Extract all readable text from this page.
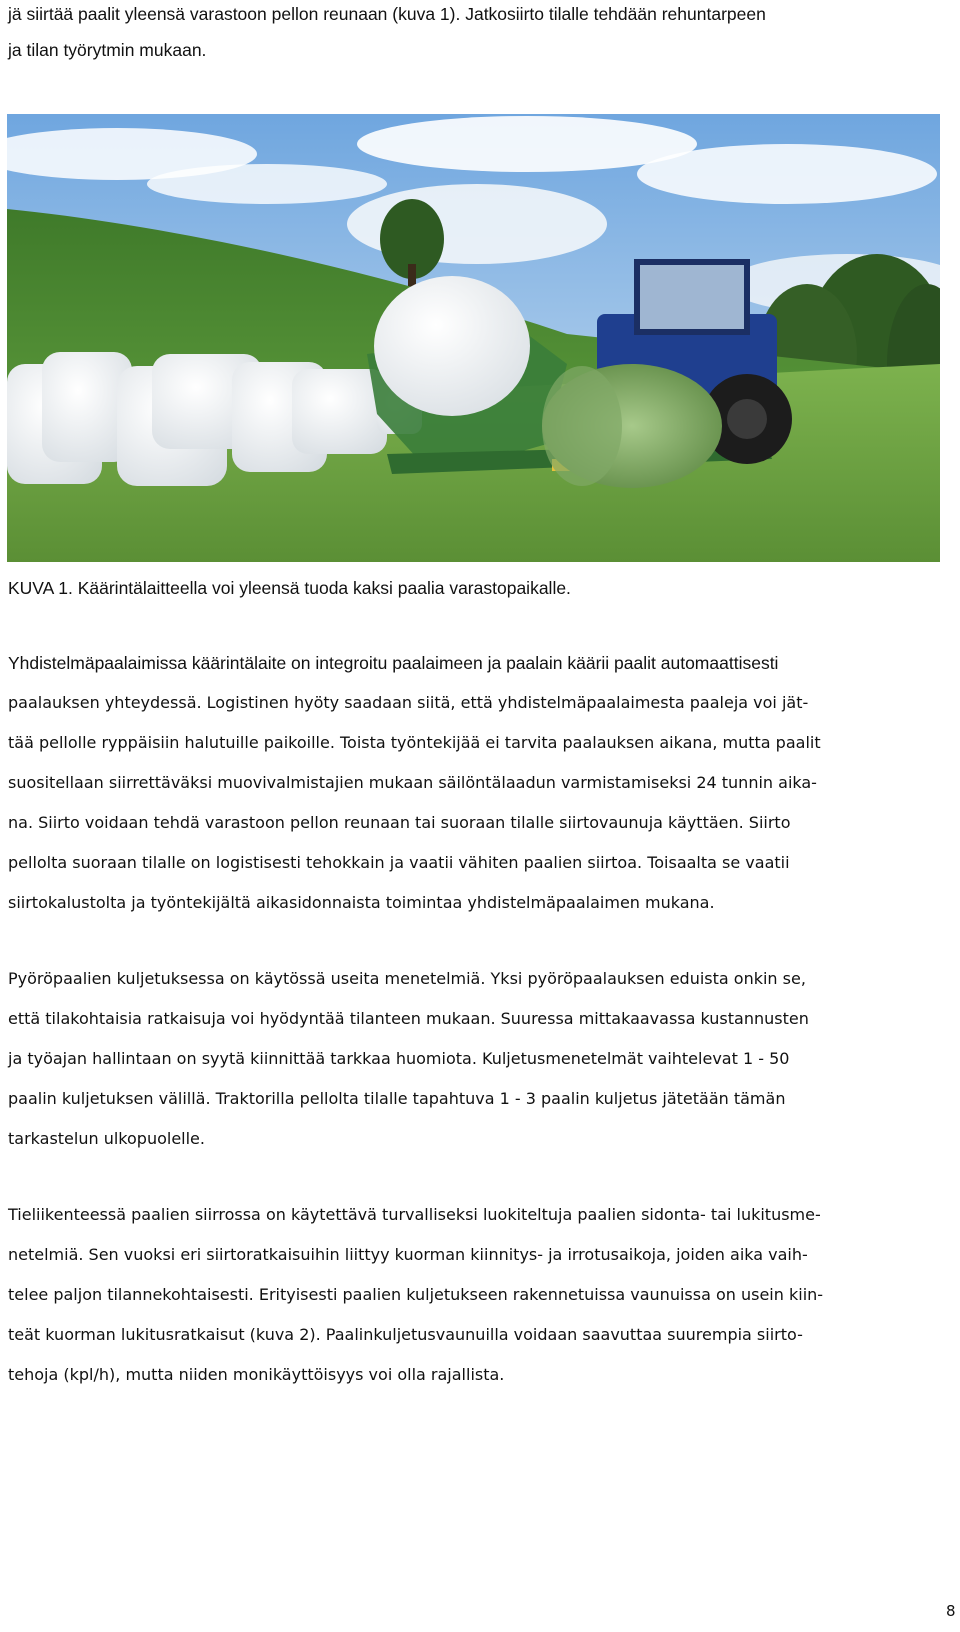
jä siirtää paalit yleensä varastoon pellon reunaan (kuva 1). Jatkosiirto tilalle tehdään rehuntarpeen
ja tilan työrytmin mukaan.
KUVA 1. Käärintälaitteella voi yleensä tuoda kaksi paalia varastopaikalle.
Yhdistelmäpaalaimissa käärintälaite on integroitu paalaimeen ja paalain käärii paalit automaattisesti
paalauksen yhteydessä. Logistinen hyöty saadaan siitä, että yhdistelmäpaalaimesta paaleja voi jät-
tää pellolle ryppäisiin halutuille paikoille. Toista työntekijää ei tarvita paalauksen aikana, mutta paalit
suositellaan siirrettäväksi muovivalmistajien mukaan säilöntälaadun varmistamiseksi 24 tunnin aika-
na. Siirto voidaan tehdä varastoon pellon reunaan tai suoraan tilalle siirtovaunuja käyttäen. Siirto
pellolta suoraan tilalle on logistisesti tehokkain ja vaatii vähiten paalien siirtoa. Toisaalta se vaatii
siirtokalustolta ja työntekijältä aikasidonnaista toimintaa yhdistelmäpaalaimen mukana.
Pyöröpaalien kuljetuksessa on käytössä useita menetelmiä. Yksi pyöröpaalauksen eduista onkin se,
että tilakohtaisia ratkaisuja voi hyödyntää tilanteen mukaan. Suuressa mittakaavassa kustannusten
ja työajan hallintaan on syytä kiinnittää tarkkaa huomiota. Kuljetusmenetelmät vaihtelevat 1 - 50
paalin kuljetuksen välillä. Traktorilla pellolta tilalle tapahtuva 1 - 3 paalin kuljetus jätetään tämän
tarkastelun ulkopuolelle.
Tieliikenteessä paalien siirrossa on käytettävä turvalliseksi luokiteltuja paalien sidonta- tai lukitusme-
netelmiä. Sen vuoksi eri siirtoratkaisuihin liittyy kuorman kiinnitys- ja irrotusaikoja, joiden aika vaih-
telee paljon tilannekohtaisesti. Erityisesti paalien kuljetukseen rakennetuissa vaunuissa on usein kiin-
teät kuorman lukitusratkaisut (kuva 2). Paalinkuljetusvaunuilla voidaan saavuttaa suurempia siirto-
tehoja (kpl/h), mutta niiden monikäyttöisyys voi olla rajallista.
8
